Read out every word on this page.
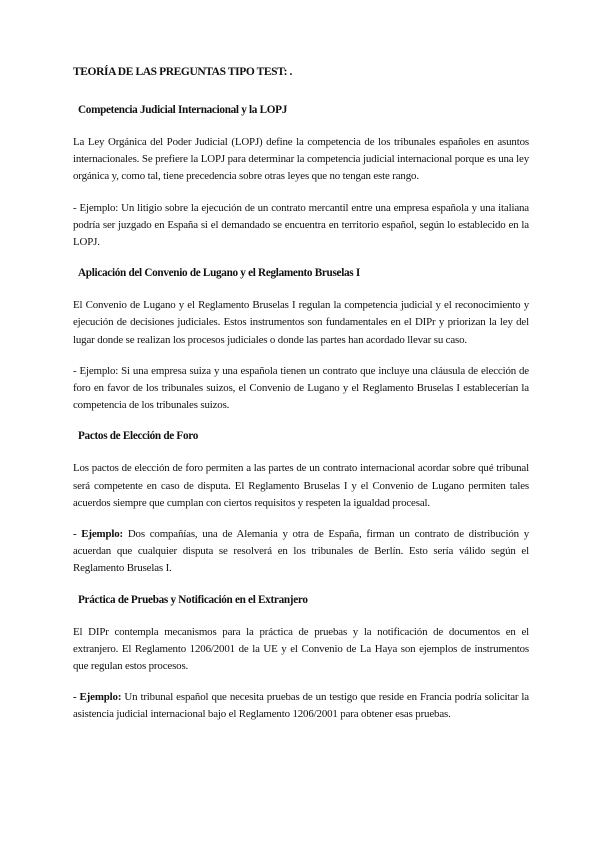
TEORÍA DE LAS PREGUNTAS TIPO TEST: .
Competencia Judicial Internacional y la LOPJ

La Ley Orgánica del Poder Judicial (LOPJ) define la competencia de los tribunales españoles en asuntos internacionales. Se prefiere la LOPJ para determinar la competencia judicial internacional porque es una ley orgánica y, como tal, tiene precedencia sobre otras leyes que no tengan este rango.

- Ejemplo: Un litigio sobre la ejecución de un contrato mercantil entre una empresa española y una italiana podría ser juzgado en España si el demandado se encuentra en territorio español, según lo establecido en la LOPJ.

Aplicación del Convenio de Lugano y el Reglamento Bruselas I

El Convenio de Lugano y el Reglamento Bruselas I regulan la competencia judicial y el reconocimiento y ejecución de decisiones judiciales. Estos instrumentos son fundamentales en el DIPr y priorizan la ley del lugar donde se realizan los procesos judiciales o donde las partes han acordado llevar su caso.

- Ejemplo: Si una empresa suiza y una española tienen un contrato que incluye una cláusula de elección de foro en favor de los tribunales suizos, el Convenio de Lugano y el Reglamento Bruselas I establecerían la competencia de los tribunales suizos.

Pactos de Elección de Foro

Los pactos de elección de foro permiten a las partes de un contrato internacional acordar sobre qué tribunal será competente en caso de disputa. El Reglamento Bruselas I y el Convenio de Lugano permiten tales acuerdos siempre que cumplan con ciertos requisitos y respeten la igualdad procesal.

- Ejemplo: Dos compañías, una de Alemania y otra de España, firman un contrato de distribución y acuerdan que cualquier disputa se resolverá en los tribunales de Berlín. Esto sería válido según el Reglamento Bruselas I.

Práctica de Pruebas y Notificación en el Extranjero

El DIPr contempla mecanismos para la práctica de pruebas y la notificación de documentos en el extranjero. El Reglamento 1206/2001 de la UE y el Convenio de La Haya son ejemplos de instrumentos que regulan estos procesos.

- Ejemplo: Un tribunal español que necesita pruebas de un testigo que reside en Francia podría solicitar la asistencia judicial internacional bajo el Reglamento 1206/2001 para obtener esas pruebas.
